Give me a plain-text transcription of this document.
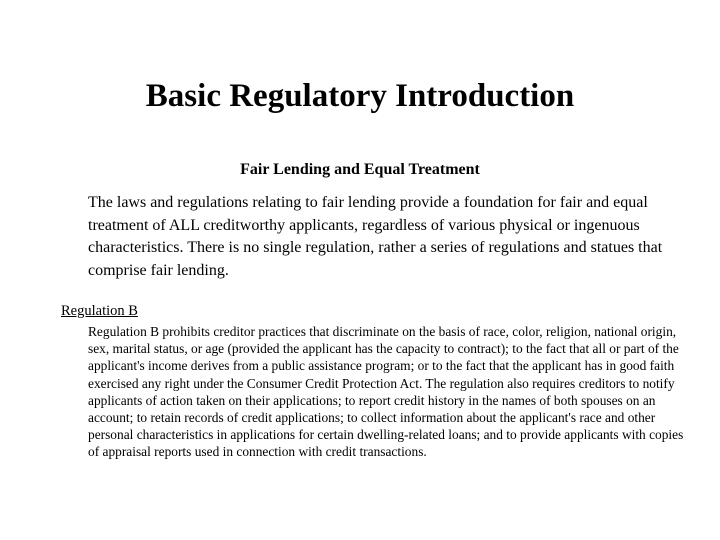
Basic Regulatory Introduction
Fair Lending and Equal Treatment

The laws and regulations relating to fair lending provide a foundation for fair and equal treatment of ALL creditworthy applicants, regardless of various physical or ingenuous characteristics. There is no single regulation, rather a series of regulations and statues that comprise fair lending.

Regulation B

Regulation B prohibits creditor practices that discriminate on the basis of race, color, religion, national origin, sex, marital status, or age (provided the applicant has the capacity to contract); to the fact that all or part of the applicant's income derives from a public assistance program; or to the fact that the applicant has in good faith exercised any right under the Consumer Credit Protection Act. The regulation also requires creditors to notify applicants of action taken on their applications; to report credit history in the names of both spouses on an account; to retain records of credit applications; to collect information about the applicant's race and other personal characteristics in applications for certain dwelling-related loans; and to provide applicants with copies of appraisal reports used in connection with credit transactions.
